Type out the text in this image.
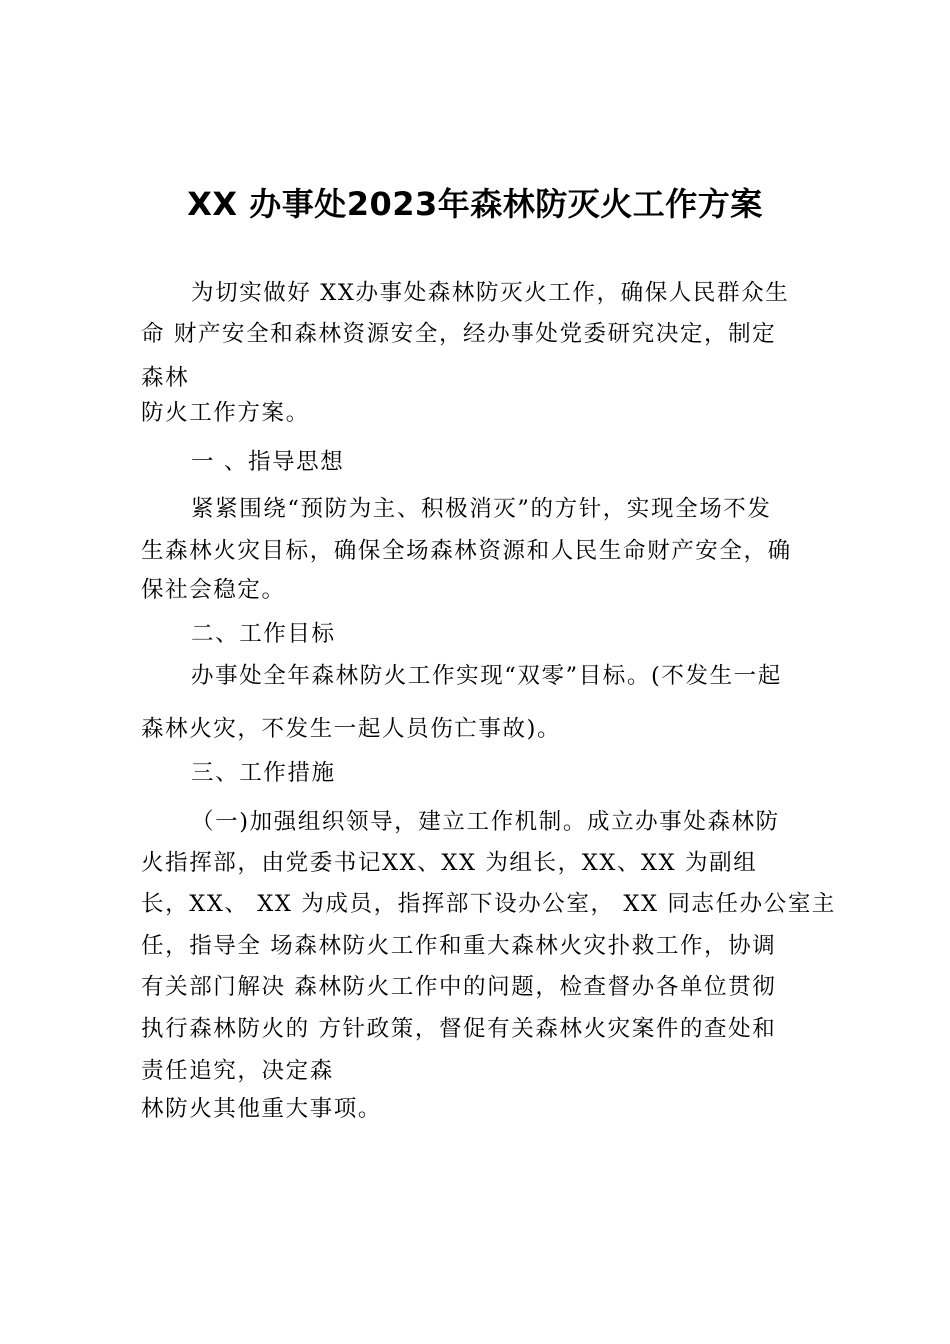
XX 办事处2023年森林防灭火工作方案
为切实做好 XX办事处森林防灭火工作，确保人民群众生
命 财产安全和森林资源安全，经办事处党委研究决定，制定
森林
防火工作方案。
一 、指导思想
紧紧围绕“预防为主、积极消灭”的方针，实现全场不发
生森林火灾目标，确保全场森林资源和人民生命财产安全，确
保社会稳定。
二、工作目标
办事处全年森林防火工作实现“双零”目标。(不发生一起
森林火灾，不发生一起人员伤亡事故)。
三、工作措施
（一)加强组织领导，建立工作机制。成立办事处森林防
火指挥部，由党委书记XX、XX 为组长，XX、XX 为副组
长，XX、 XX 为成员，指挥部下设办公室， XX 同志任办公室主
任，指导全 场森林防火工作和重大森林火灾扑救工作，协调
有关部门解决 森林防火工作中的问题，检查督办各单位贯彻
执行森林防火的 方针政策，督促有关森林火灾案件的查处和
责任追究，决定森
林防火其他重大事项。
